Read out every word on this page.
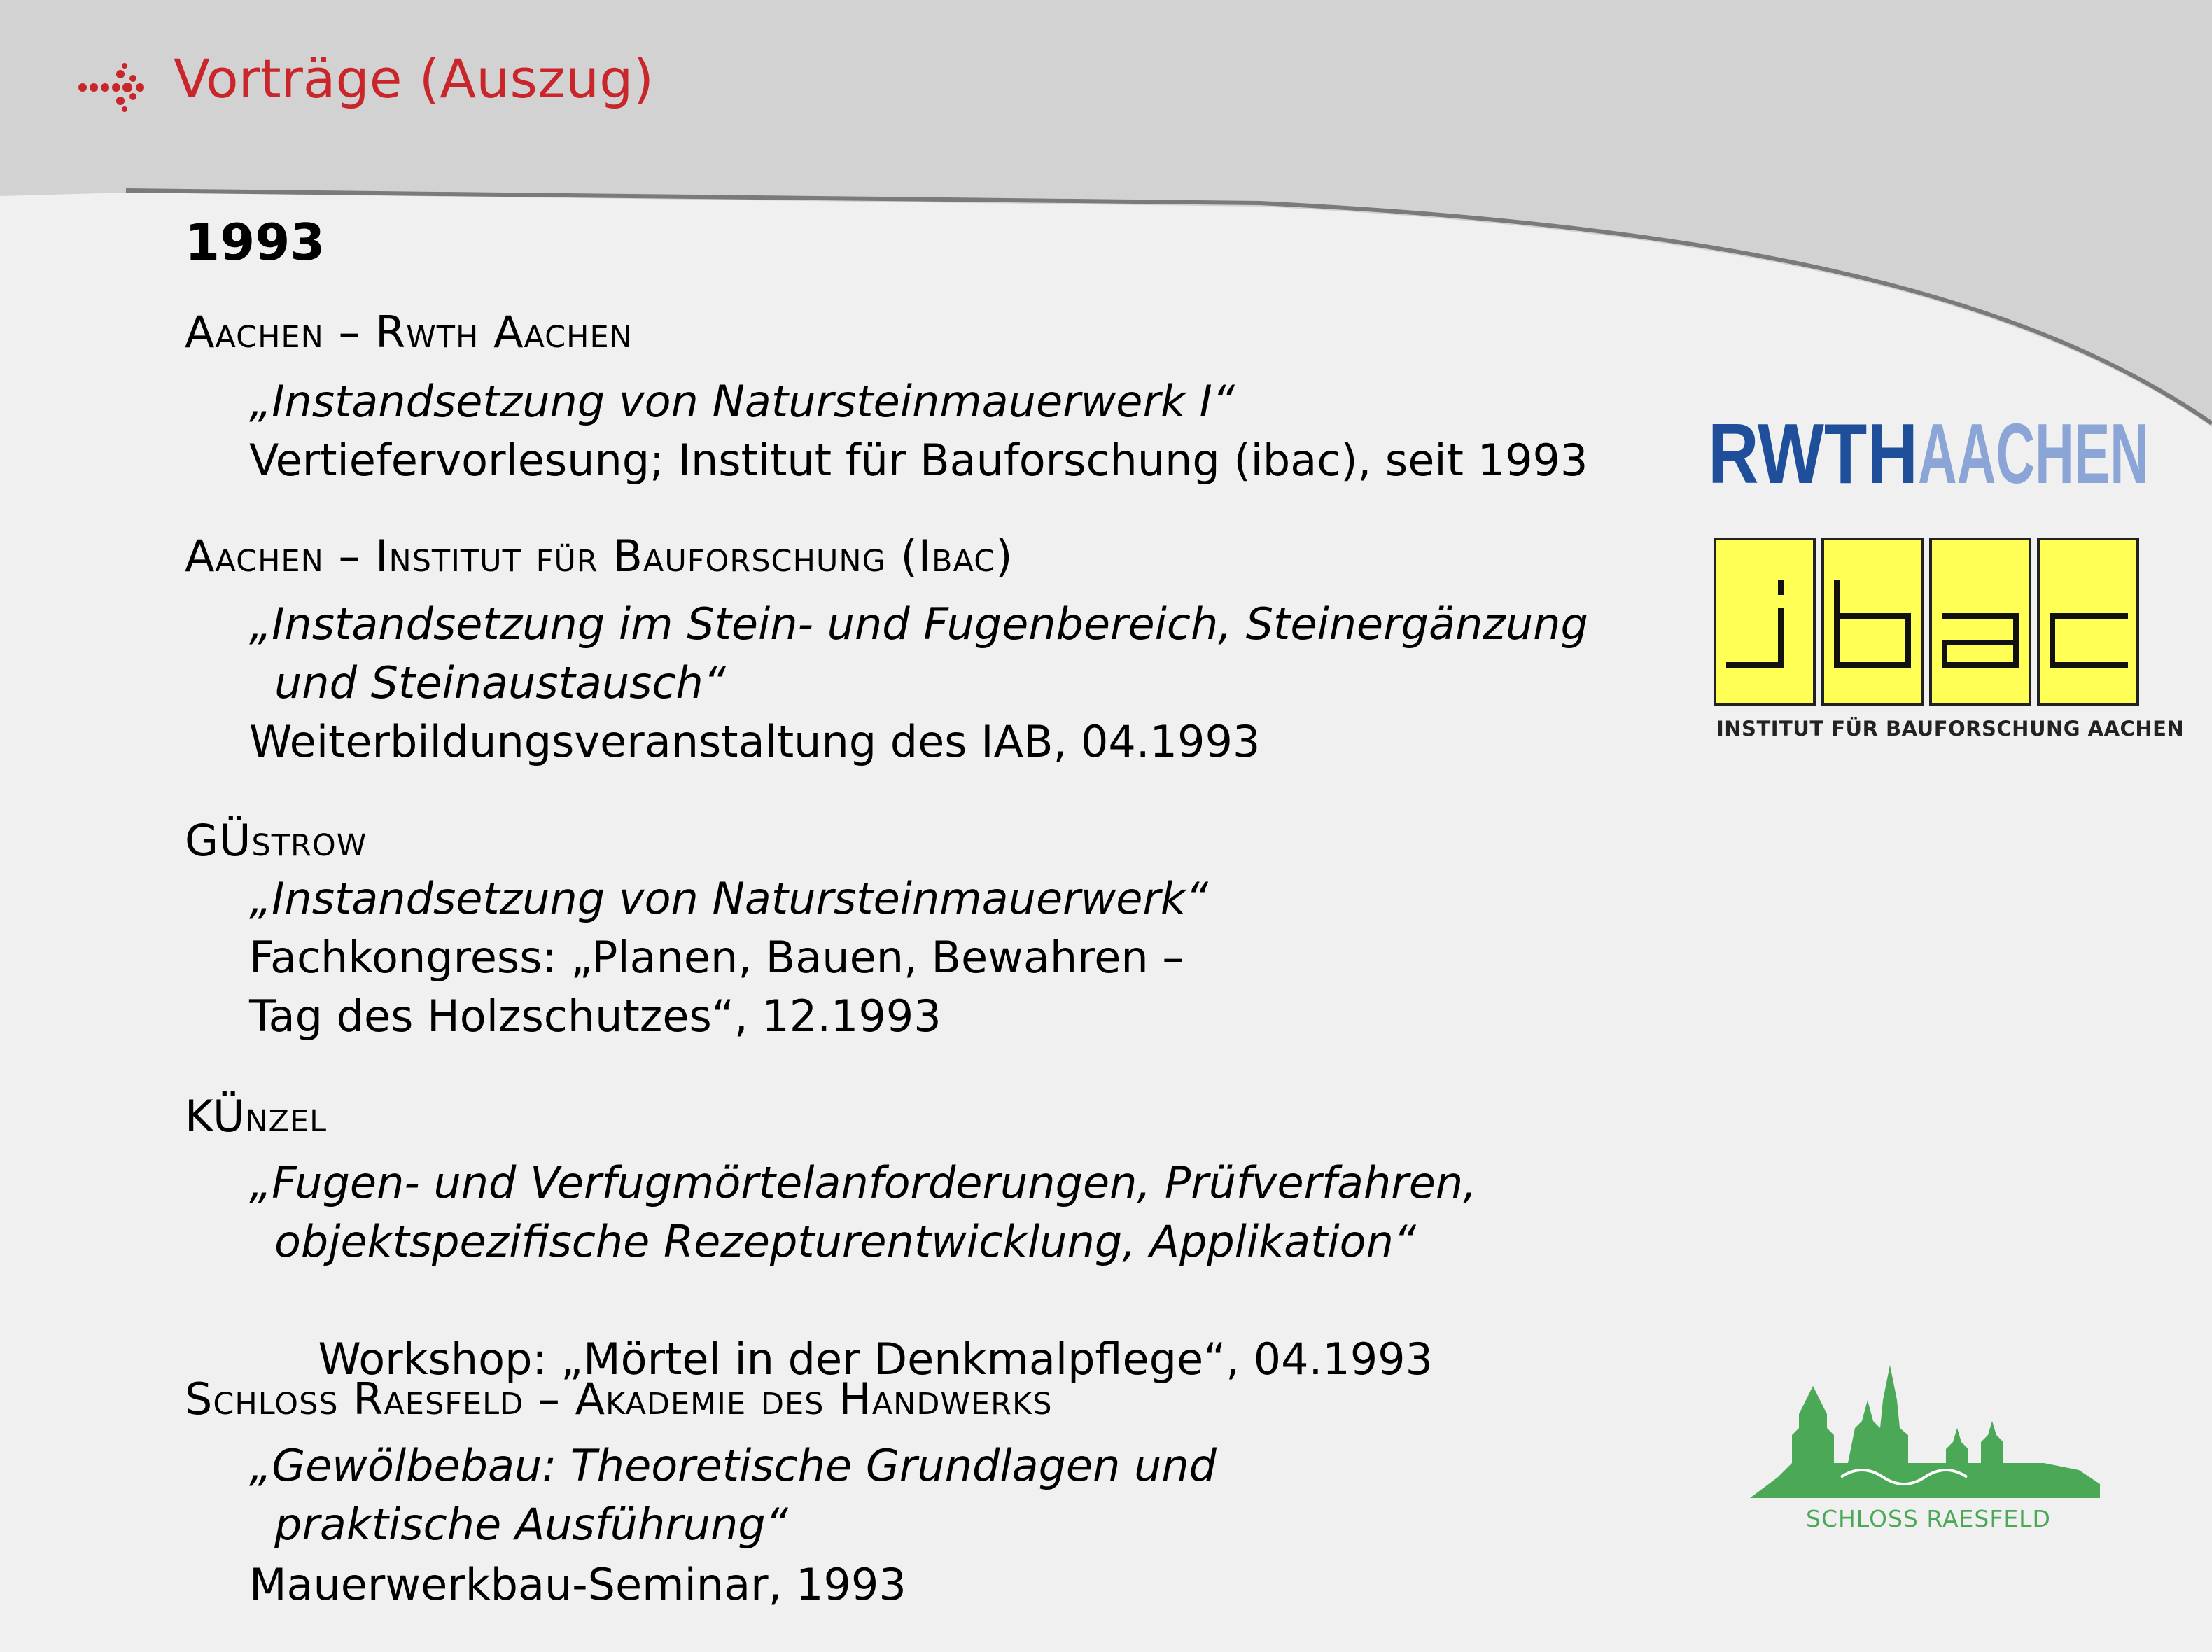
Vorträge (Auszug)
1993
Aachen – Rwth Aachen
„Instandsetzung von Natursteinmauerwerk I“
Vertiefervorlesung; Institut für Bauforschung (ibac), seit 1993
Aachen – Institut für Bauforschung (Ibac)
„Instandsetzung im Stein- und Fugenbereich, Steinergänzung
und Steinaustausch“
Weiterbildungsveranstaltung des IAB, 04.1993
GÜstrow
„Instandsetzung von Natursteinmauerwerk“
Fachkongress: „Planen, Bauen, Bewahren –
Tag des Holzschutzes“, 12.1993
KÜnzel
„Fugen- und Verfugmörtelanforderungen, Prüfverfahren,
objektspezifische Rezepturentwicklung, Applikation“

Workshop: „Mörtel in der Denkmalpflege“, 04.1993

Schloss Raesfeld – Akademie des Handwerks
„Gewölbebau: Theoretische Grundlagen und
praktische Ausführung“
Mauerwerkbau-Seminar, 1993
RWTH AACHEN
INSTITUT FÜR BAUFORSCHUNG AACHEN
AKADEMIE
SCHLOSS RAESFELD
